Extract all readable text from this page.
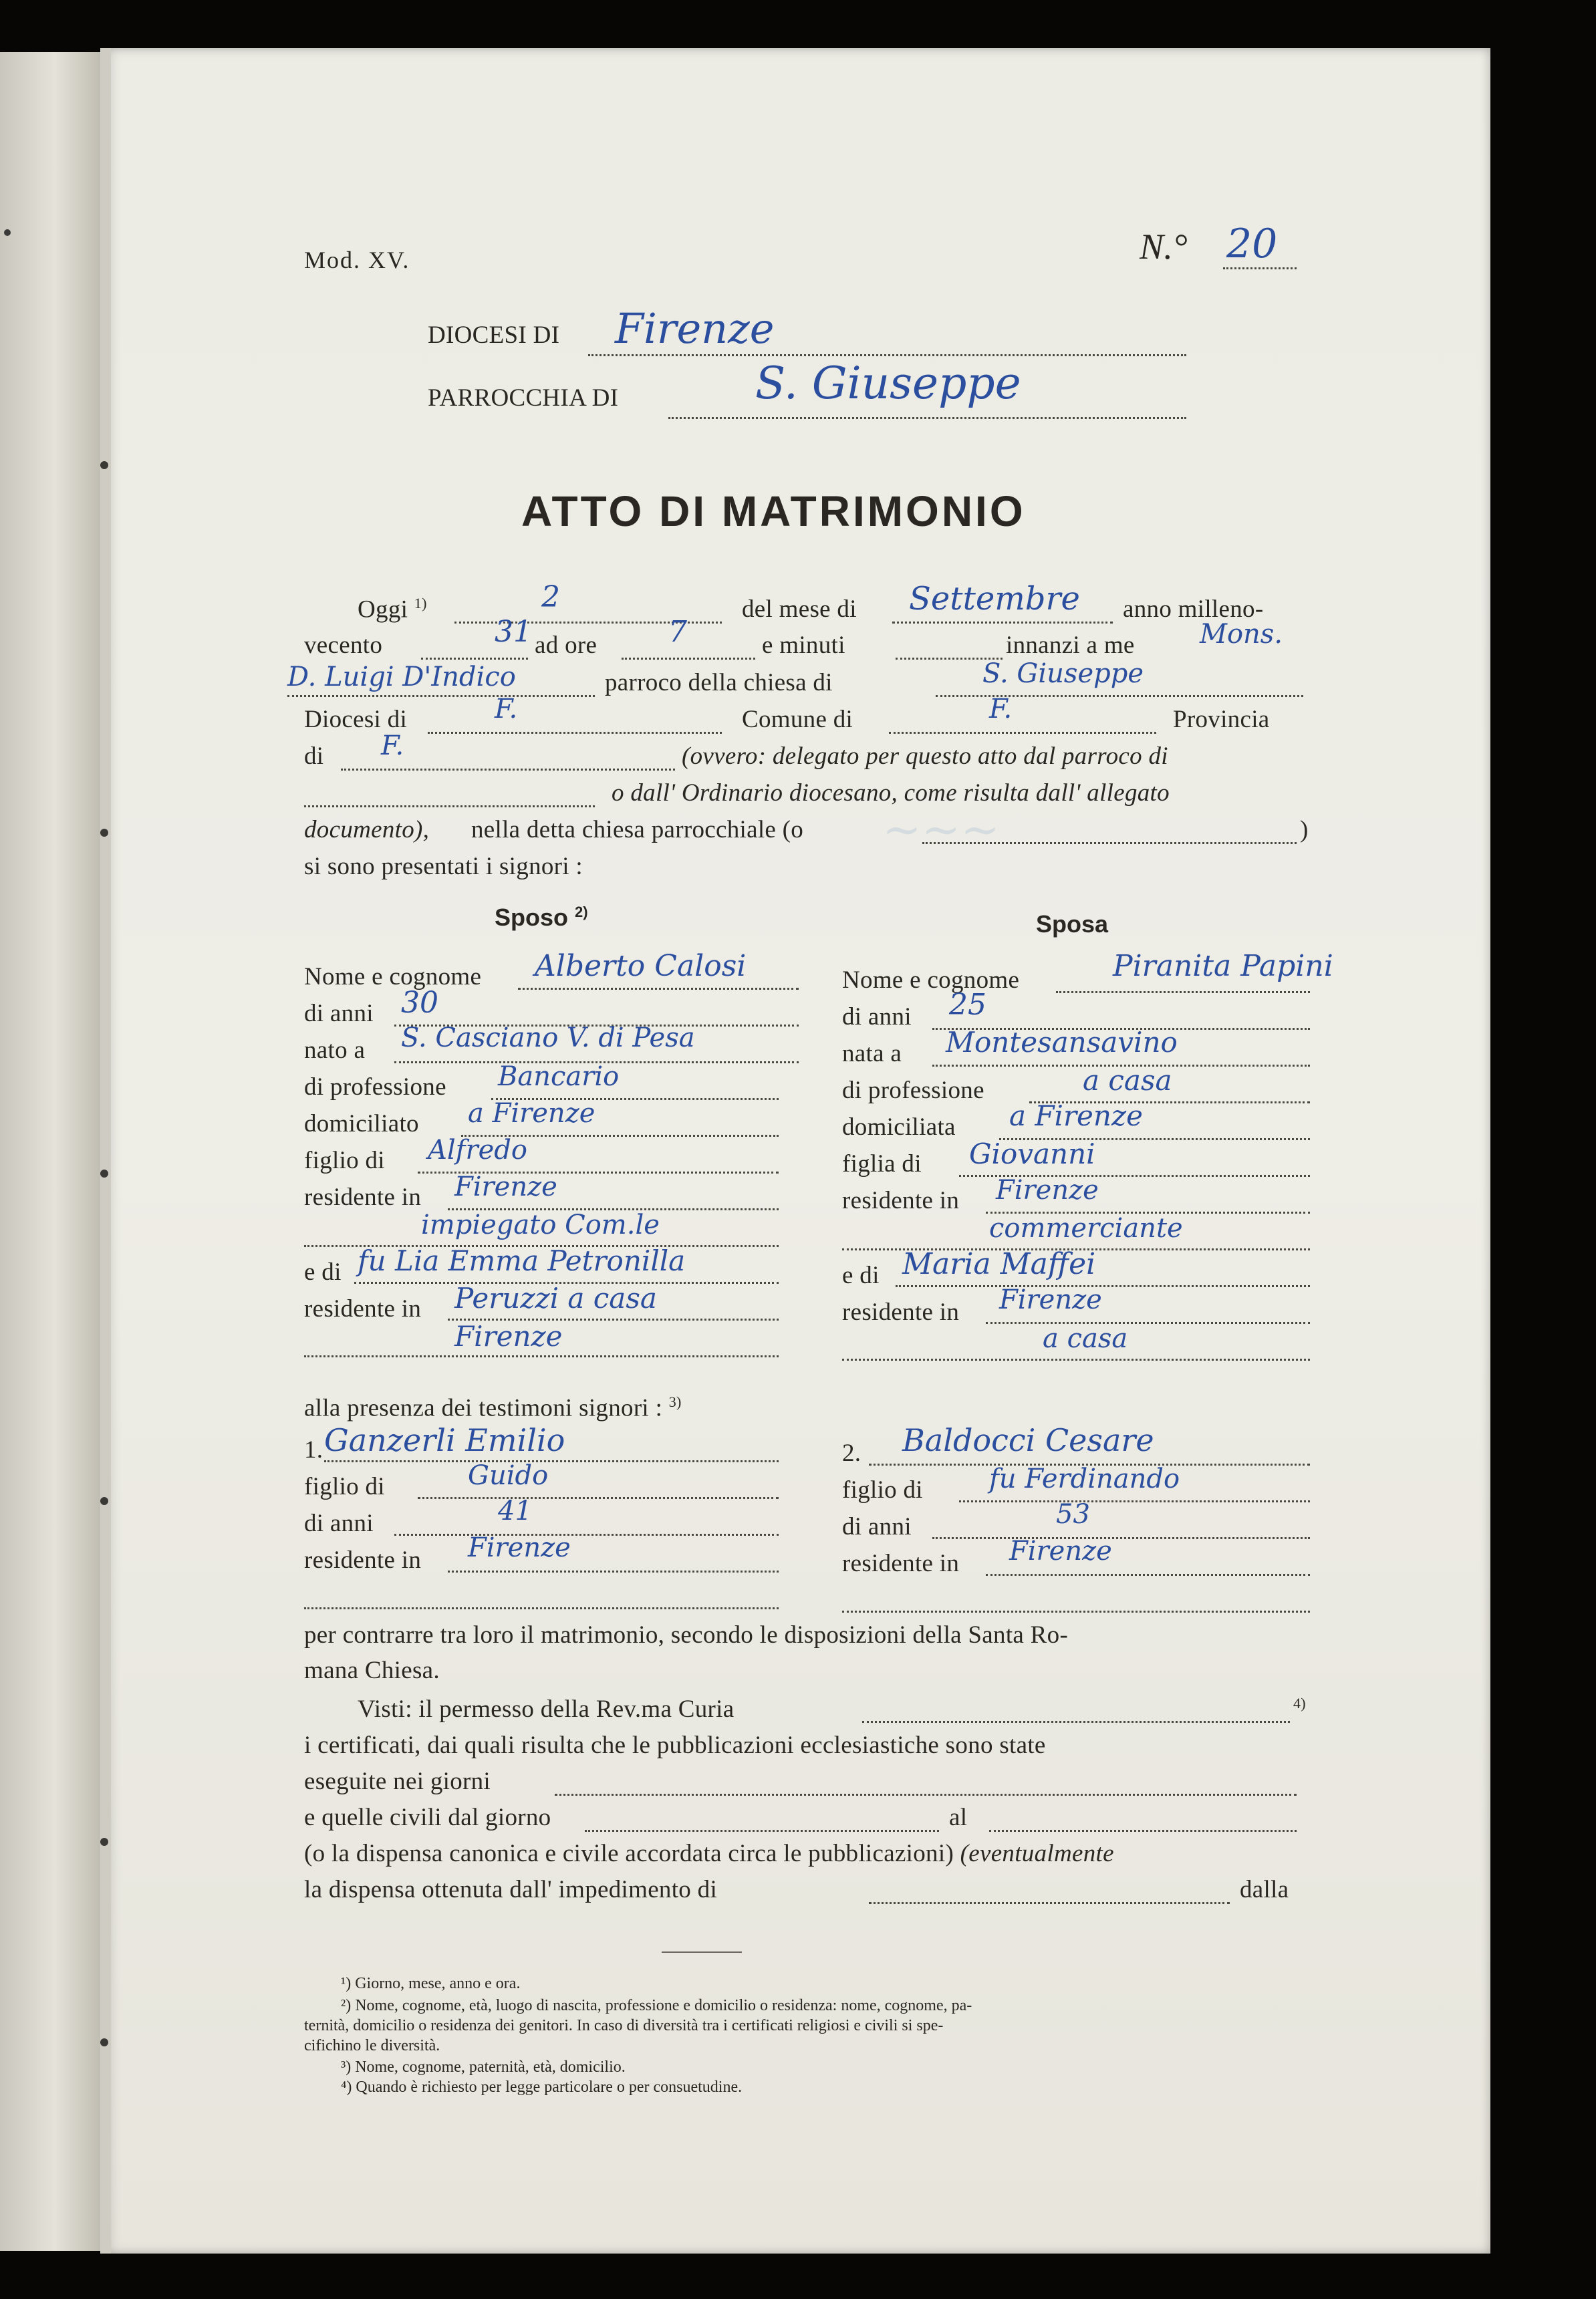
~~~
Mod. XV.	N.° 20
DIOCESI DI Firenze
PARROCCHIA DI	S. Giuseppe
ATTO DI MATRIMONIO
Oggi $^{1)}$	2	del mese di Settembre anno milleno-
vecento	31 ad ore 7	e minuti	innanzi a me Mons.
D. Luigi D'Indico	parroco della chiesa di	S. Giuseppe
Diocesi di	F.	Comune di	F.	Provincia
di F.	(ovvero: delegato per questo atto dal parroco di
o dall' Ordinario diocesano, come risulta dall' allegato
documento), nella detta chiesa parrocchiale (o	)
si sono presentati i signori :
Sposo $^{2)}$	Sposa
Nome e cognome Alberto Calosi
di anni 30
nato a S. Casciano V. di Pesa
di professione Bancario
domiciliato a Firenze
figlio di Alfredo
residente in Firenze
impiegato Com.le
e di fu Lia Emma Petronilla
residente in Peruzzi a casa
Firenze
Nome e cognome	Piranita Papini
di anni 25
nata a Montesansavino
di professione	a casa
domiciliata a Firenze
figlia di Giovanni
residente in Firenze
commerciante
e di Maria Maffei
residente in Firenze
a casa
alla presenza dei testimoni signori : $^{3)}$
1. Ganzerli Emilio
figlio di	Guido
di anni	41
residente in Firenze
2. Baldocci Cesare
figlio di fu Ferdinando
di anni	53
residente in Firenze
per contrarre tra loro il matrimonio, secondo le disposizioni della Santa Ro-
mana Chiesa.
Visti: il permesso della Rev.ma Curia	$^{4)}$
i certificati, dai quali risulta che le pubblicazioni ecclesiastiche sono state
eseguite nei giorni
e quelle civili dal giorno	al
(o la dispensa canonica e civile accordata circa le pubblicazioni) (eventualmente
la dispensa ottenuta dall' impedimento di	dalla
¹) Giorno, mese, anno e ora.
²) Nome, cognome, età, luogo di nascita, professione e domicilio o residenza: nome, cognome, pa-
ternità, domicilio o residenza dei genitori. In caso di diversità tra i certificati religiosi e civili si spe-
cifichino le diversità.
³) Nome, cognome, paternità, età, domicilio.
⁴) Quando è richiesto per legge particolare o per consuetudine.
